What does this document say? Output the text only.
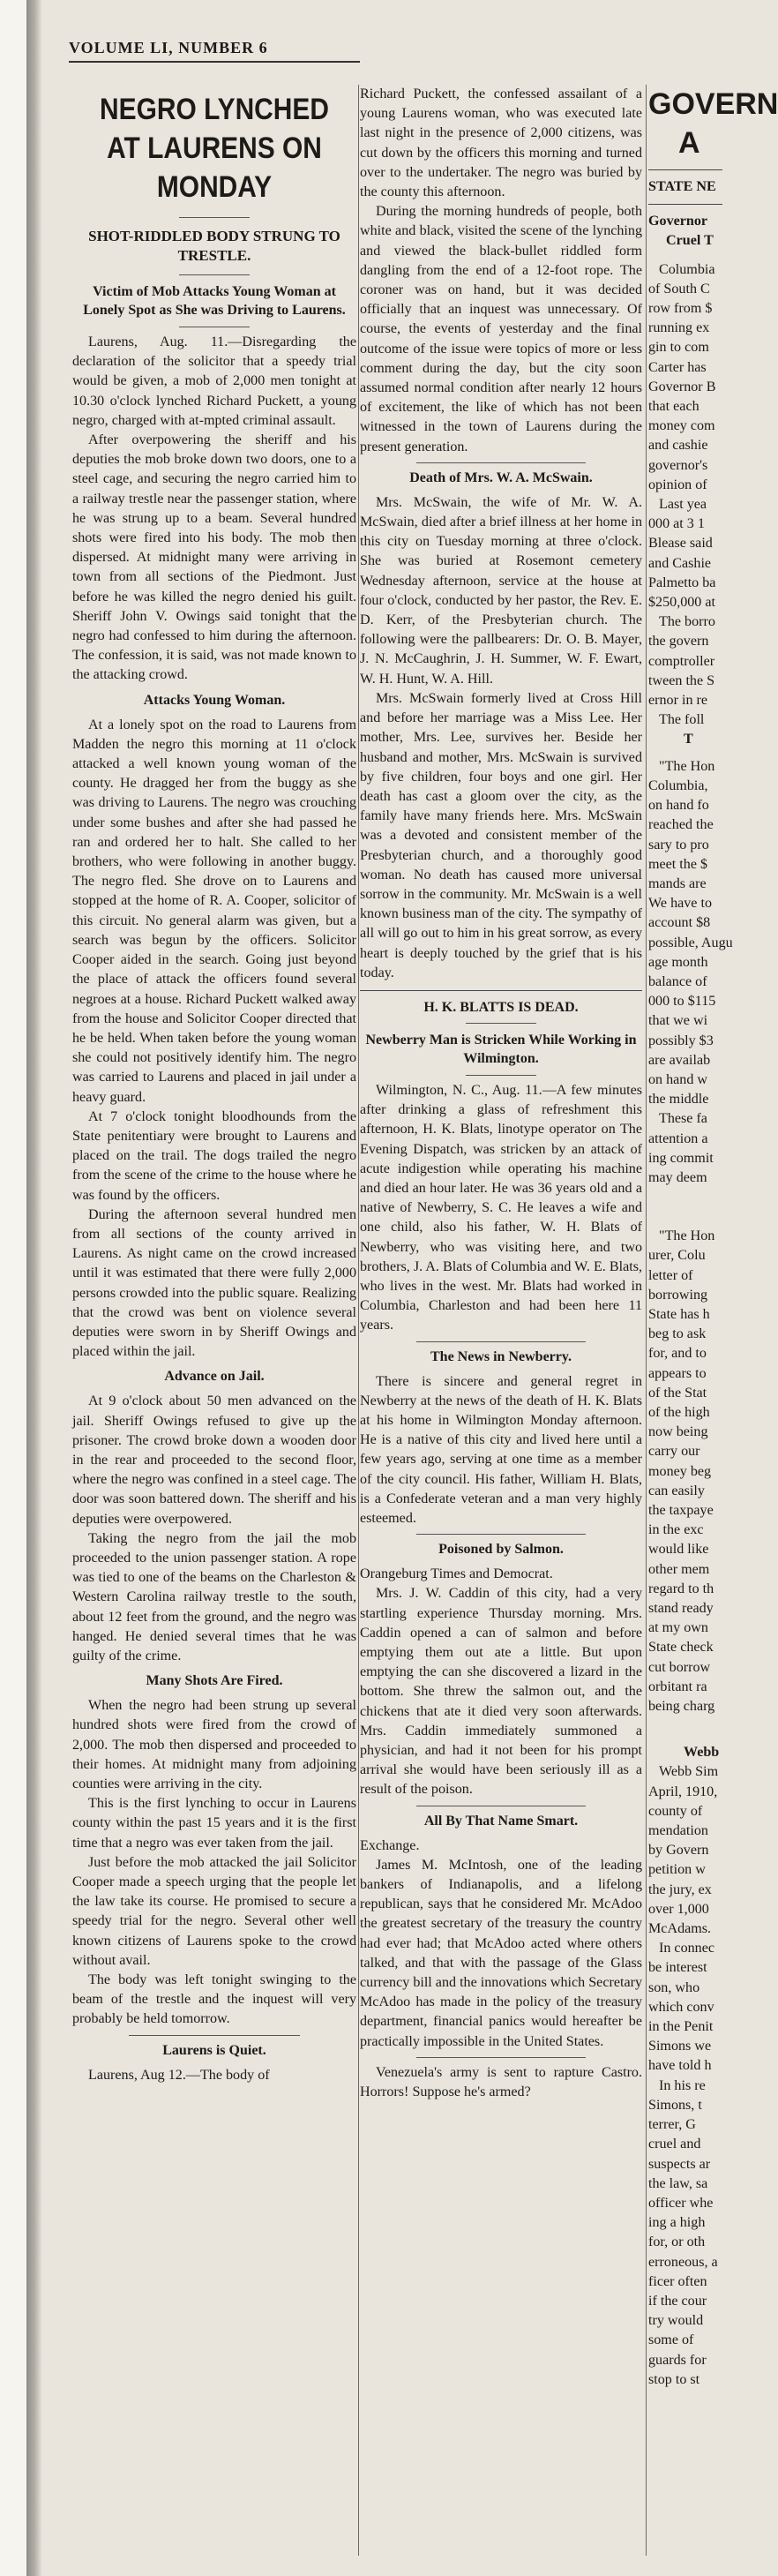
VOLUME LI, NUMBER 6
NEGRO LYNCHED AT LAURENS ON MONDAY
SHOT-RIDDLED BODY STRUNG TO TRESTLE.
Victim of Mob Attacks Young Woman at Lonely Spot as She was Driving to Laurens.

Laurens, Aug. 11.—Disregarding the declaration of the solicitor that a speedy trial would be given, a mob of 2,000 men tonight at 10.30 o'clock lynched Richard Puckett, a young negro, charged with at-mpted criminal assault.

After overpowering the sheriff and his deputies the mob broke down two doors, one to a steel cage, and securing the negro carried him to a railway trestle near the passenger station, where he was strung up to a beam. Several hundred shots were fired into his body. The mob then dispersed. At midnight many were arriving in town from all sections of the Piedmont. Just before he was killed the negro denied his guilt. Sheriff John V. Owings said tonight that the negro had confessed to him during the afternoon. The confession, it is said, was not made known to the attacking crowd.

Attacks Young Woman.

At a lonely spot on the road to Laurens from Madden the negro this morning at 11 o'clock attacked a well known young woman of the county. He dragged her from the buggy as she was driving to Laurens. The negro was crouching under some bushes and after she had passed he ran and ordered her to halt. She called to her brothers, who were following in another buggy. The negro fled. She drove on to Laurens and stopped at the home of R. A. Cooper, solicitor of this circuit. No general alarm was given, but a search was begun by the officers. Solicitor Cooper aided in the search. Going just beyond the place of attack the officers found several negroes at a house. Richard Puckett walked away from the house and Solicitor Cooper directed that he be held. When taken before the young woman she could not positively identify him. The negro was carried to Laurens and placed in jail under a heavy guard.

At 7 o'clock tonight bloodhounds from the State penitentiary were brought to Laurens and placed on the trail. The dogs trailed the negro from the scene of the crime to the house where he was found by the officers.

During the afternoon several hundred men from all sections of the county arrived in Laurens. As night came on the crowd increased until it was estimated that there were fully 2,000 persons crowded into the public square. Realizing that the crowd was bent on violence several deputies were sworn in by Sheriff Owings and placed within the jail.

Advance on Jail.

At 9 o'clock about 50 men advanced on the jail. Sheriff Owings refused to give up the prisoner. The crowd broke down a wooden door in the rear and proceeded to the second floor, where the negro was confined in a steel cage. The door was soon battered down. The sheriff and his deputies were overpowered.

Taking the negro from the jail the mob proceeded to the union passenger station. A rope was tied to one of the beams on the Charleston & Western Carolina railway trestle to the south, about 12 feet from the ground, and the negro was hanged. He denied several times that he was guilty of the crime.

Many Shots Are Fired.

When the negro had been strung up several hundred shots were fired from the crowd of 2,000. The mob then dispersed and proceeded to their homes. At midnight many from adjoining counties were arriving in the city.

This is the first lynching to occur in Laurens county within the past 15 years and it is the first time that a negro was ever taken from the jail.

Just before the mob attacked the jail Solicitor Cooper made a speech urging that the people let the law take its course. He promised to secure a speedy trial for the negro. Several other well known citizens of Laurens spoke to the crowd without avail.

The body was left tonight swinging to the beam of the trestle and the inquest will very probably be held tomorrow.

Laurens is Quiet.

Laurens, Aug 12.—The body of

Richard Puckett, the confessed assailant of a young Laurens woman, who was executed late last night in the presence of 2,000 citizens, was cut down by the officers this morning and turned over to the undertaker. The negro was buried by the county this afternoon.

During the morning hundreds of people, both white and black, visited the scene of the lynching and viewed the black-bullet riddled form dangling from the end of a 12-foot rope. The coroner was on hand, but it was decided officially that an inquest was unnecessary. Of course, the events of yesterday and the final outcome of the issue were topics of more or less comment during the day, but the city soon assumed normal condition after nearly 12 hours of excitement, the like of which has not been witnessed in the town of Laurens during the present generation.

Death of Mrs. W. A. McSwain.

Mrs. McSwain, the wife of Mr. W. A. McSwain, died after a brief illness at her home in this city on Tuesday morning at three o'clock. She was buried at Rosemont cemetery Wednesday afternoon, service at the house at four o'clock, conducted by her pastor, the Rev. E. D. Kerr, of the Presbyterian church. The following were the pallbearers: Dr. O. B. Mayer, J. N. McCaughrin, J. H. Summer, W. F. Ewart, W. H. Hunt, W. A. Hill.

Mrs. McSwain formerly lived at Cross Hill and before her marriage was a Miss Lee. Her mother, Mrs. Lee, survives her. Beside her husband and mother, Mrs. McSwain is survived by five children, four boys and one girl. Her death has cast a gloom over the city, as the family have many friends here. Mrs. McSwain was a devoted and consistent member of the Presbyterian church, and a thoroughly good woman. No death has caused more universal sorrow in the community. Mr. McSwain is a well known business man of the city. The sympathy of all will go out to him in his great sorrow, as every heart is deeply touched by the grief that is his today.

H. K. BLATTS IS DEAD.
Newberry Man is Stricken While Working in Wilmington.

Wilmington, N. C., Aug. 11.—A few minutes after drinking a glass of refreshment this afternoon, H. K. Blats, linotype operator on The Evening Dispatch, was stricken by an attack of acute indigestion while operating his machine and died an hour later. He was 36 years old and a native of Newberry, S. C. He leaves a wife and one child, also his father, W. H. Blats of Newberry, who was visiting here, and two brothers, J. A. Blats of Columbia and W. E. Blats, who lives in the west. Mr. Blats had worked in Columbia, Charleston and had been here 11 years.

The News in Newberry.

There is sincere and general regret in Newberry at the news of the death of H. K. Blats at his home in Wilmington Monday afternoon. He is a native of this city and lived here until a few years ago, serving at one time as a member of the city council. His father, William H. Blats, is a Confederate veteran and a man very highly esteemed.

Poisoned by Salmon.

Orangeburg Times and Democrat.

Mrs. J. W. Caddin of this city, had a very startling experience Thursday morning. Mrs. Caddin opened a can of salmon and before emptying them out ate a little. But upon emptying the can she discovered a lizard in the bottom. She threw the salmon out, and the chickens that ate it died very soon afterwards. Mrs. Caddin immediately summoned a physician, and had it not been for his prompt arrival she would have been seriously ill as a result of the poison.

All By That Name Smart.

Exchange.

James M. McIntosh, one of the leading bankers of Indianapolis, and a lifelong republican, says that he considered Mr. McAdoo the greatest secretary of the treasury the country had ever had; that McAdoo acted where others talked, and that with the passage of the Glass currency bill and the innovations which Secretary McAdoo has made in the policy of the treasury department, financial panics would hereafter be practically impossible in the United States.

Venezuela's army is sent to rapture Castro. Horrors! Suppose he's armed?

GOVERN
A
STATE NE
Governor
Cruel T

Columbia

of South C

row from $

running ex

gin to com

Carter has

Governor B

that each

money com

and cashie

governor's

opinion of

Last yea

000 at 3 1

Blease said

and Cashie

Palmetto ba

$250,000 at

The borro

the govern

comptroller

tween the S

ernor in re

The foll

T

"The Hon

Columbia,

on hand fo

reached the

sary to pro

meet the $

mands are

We have to

account $8

possible, Augu

age month

balance of

000 to $115

that we wi

possibly $3

are availab

on hand w

the middle

These fa

attention a

ing commit

may deem

"The Hon

urer, Colu

letter of

borrowing

State has h

beg to ask

for, and to

appears to

of the Stat

of the high

now being

carry our

money beg

can easily

the taxpaye

in the exc

would like

other mem

regard to th

stand ready

at my own

State check

cut borrow

orbitant ra

being charg

Webb

Webb Sim

April, 1910,

county of

mendation

by Govern

petition w

the jury, ex

over 1,000

McAdams.

In connec

be interest

son, who

which conv

in the Penit

Simons we

have told h

In his re

Simons, t

terrer, G

cruel and

suspects ar

the law, sa

officer whe

ing a high

for, or oth

erroneous, a

ficer often

if the cour

try would

some of

guards for

stop to st
